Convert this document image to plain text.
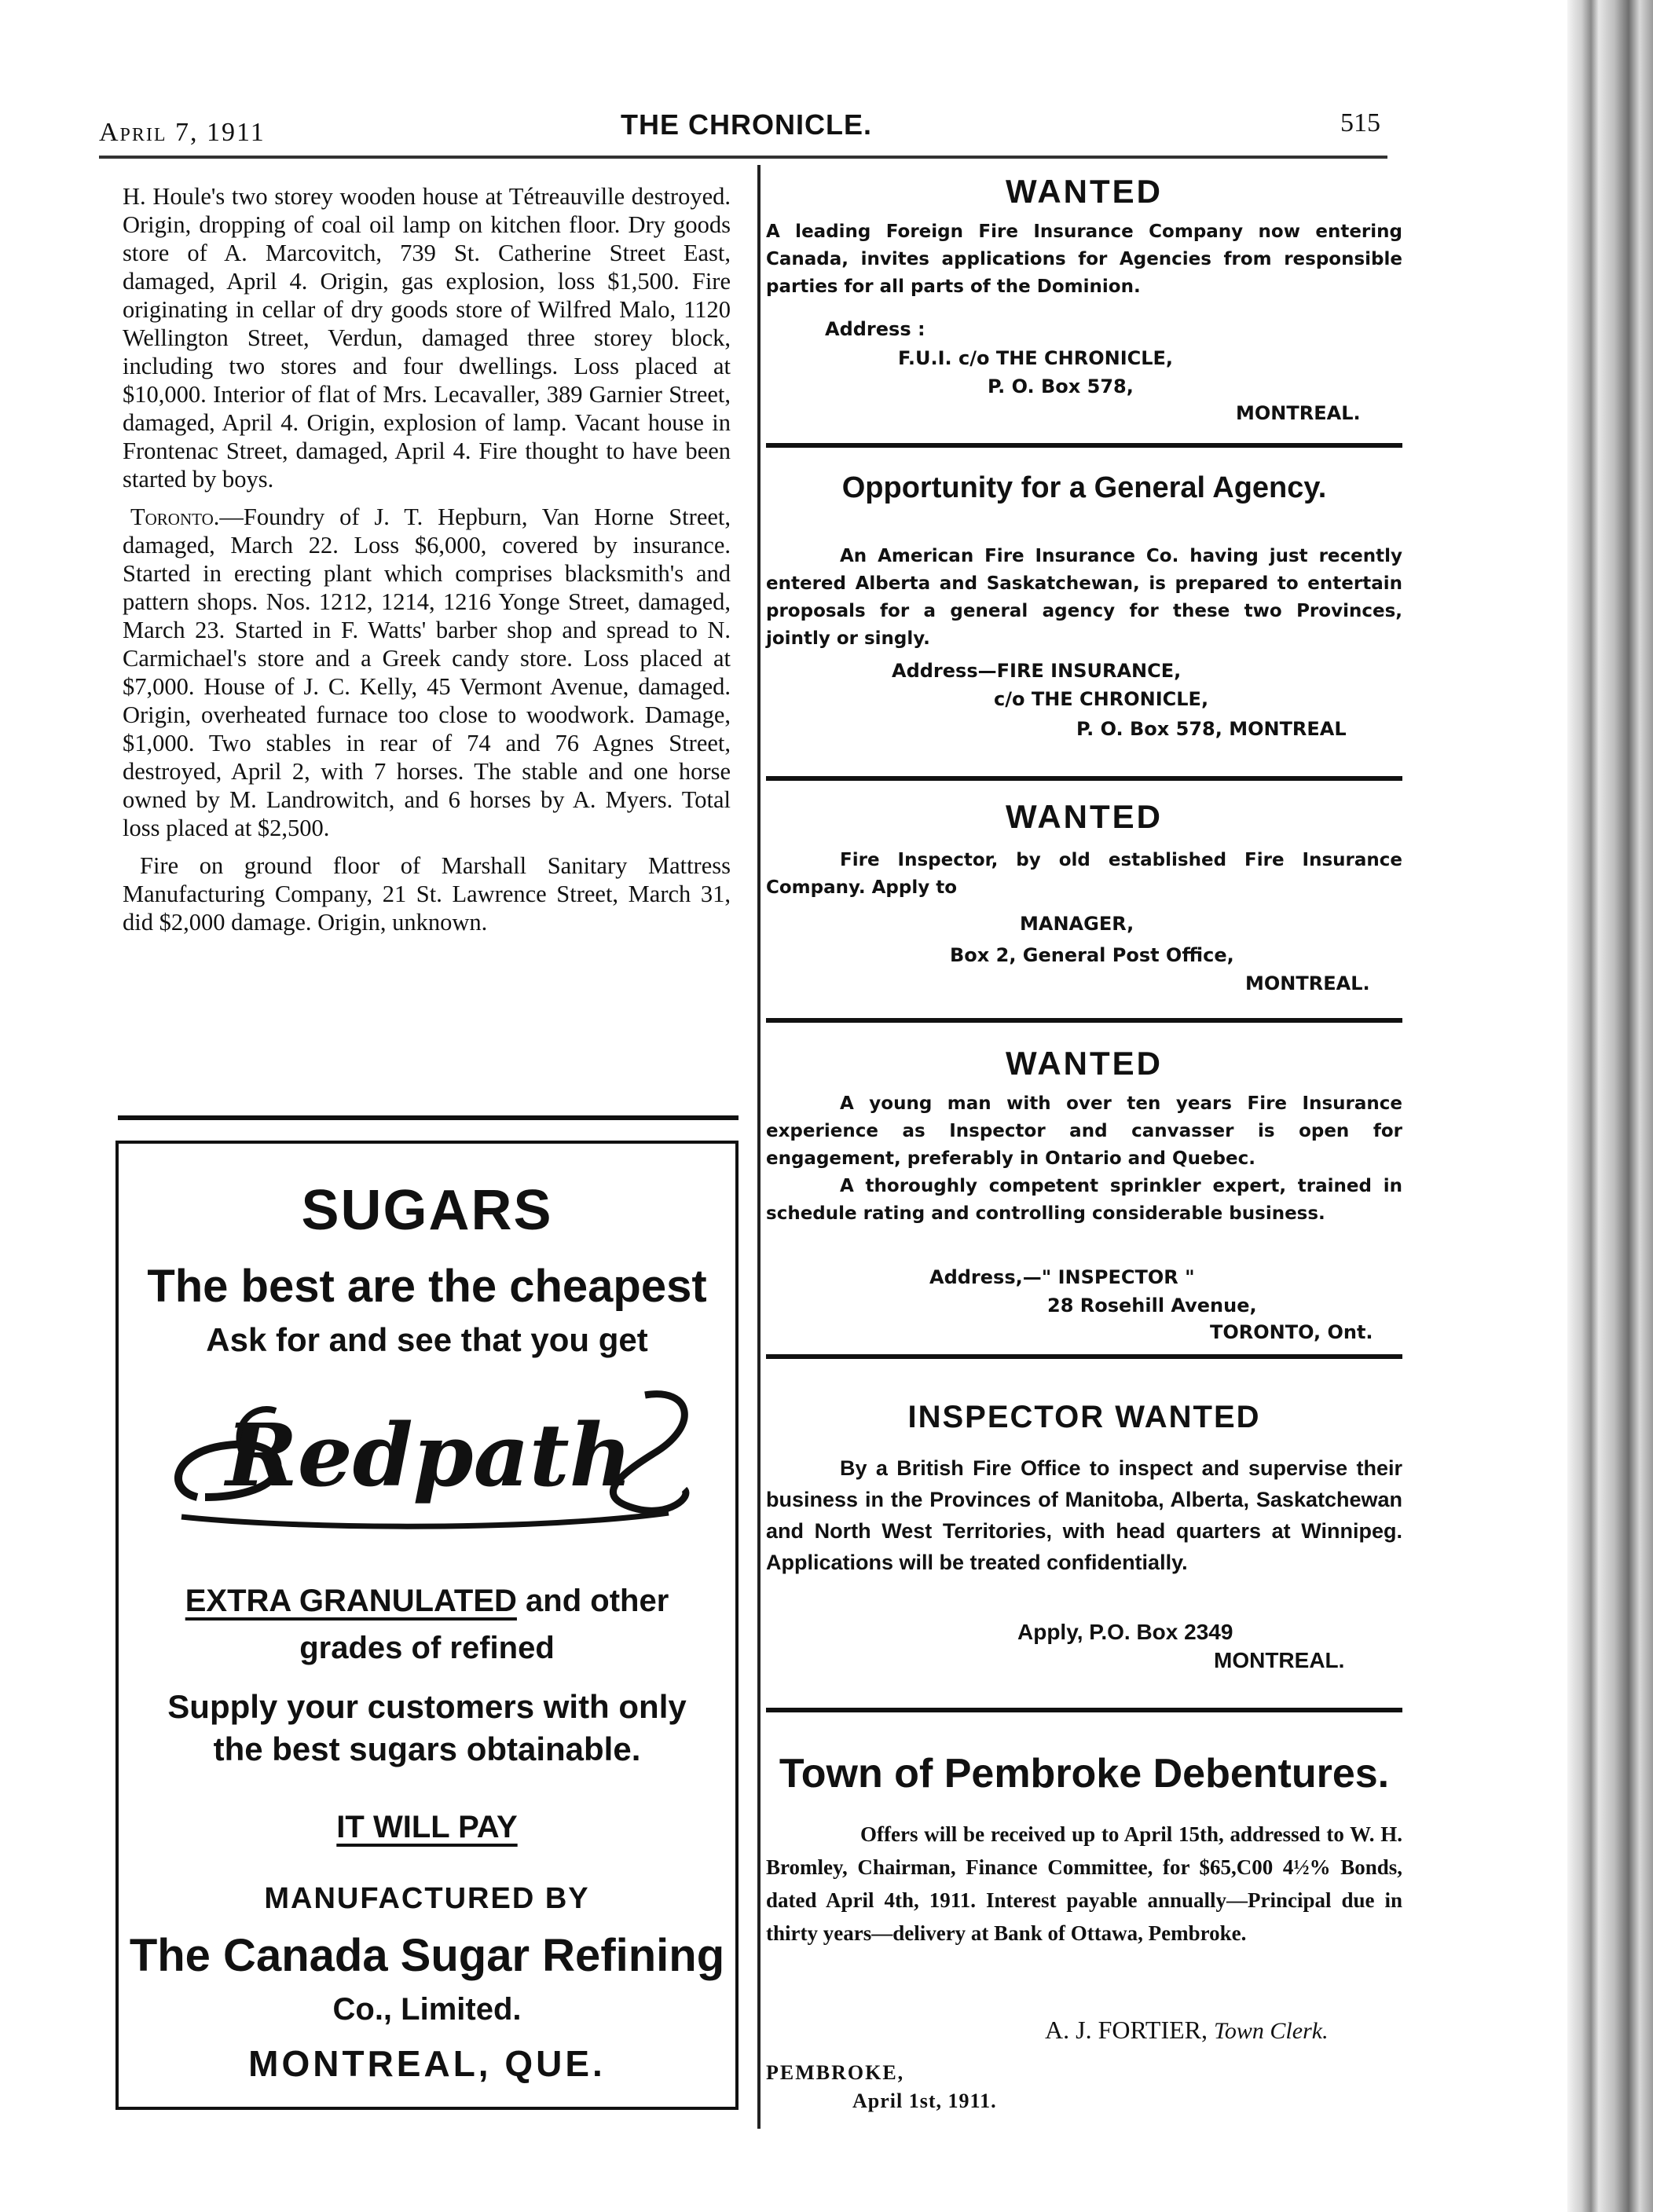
April 7, 1911	THE CHRONICLE.	515

H. Houle's two storey wooden house at Tétreauville destroyed. Origin, dropping of coal oil lamp on kitchen floor. Dry goods store of A. Marcovitch, 739 St. Catherine Street East, damaged, April 4. Origin, gas explosion, loss $1,500. Fire originating in cellar of dry goods store of Wilfred Malo, 1120 Wellington Street, Verdun, damaged three storey block, including two stores and four dwellings. Loss placed at $10,000. Interior of flat of Mrs. Lecavaller, 389 Garnier Street, damaged, April 4. Origin, explosion of lamp. Vacant house in Frontenac Street, damaged, April 4. Fire thought to have been started by boys.

Toronto.—Foundry of J. T. Hepburn, Van Horne Street, damaged, March 22. Loss $6,000, covered by insurance. Started in erecting plant which comprises blacksmith's and pattern shops. Nos. 1212, 1214, 1216 Yonge Street, damaged, March 23. Started in F. Watts' barber shop and spread to N. Carmichael's store and a Greek candy store. Loss placed at $7,000. House of J. C. Kelly, 45 Vermont Avenue, damaged. Origin, overheated furnace too close to woodwork. Damage, $1,000. Two stables in rear of 74 and 76 Agnes Street, destroyed, April 2, with 7 horses. The stable and one horse owned by M. Landrowitch, and 6 horses by A. Myers. Total loss placed at $2,500.

Fire on ground floor of Marshall Sanitary Mattress Manufacturing Company, 21 St. Lawrence Street, March 31, did $2,000 damage. Origin, unknown.

SUGARS
The best are the cheapest
Ask for and see that you get
Redpath
EXTRA GRANULATED and other
grades of refined
Supply your customers with only
the best sugars obtainable.
IT WILL PAY
MANUFACTURED BY
The Canada Sugar Refining
Co., Limited.
MONTREAL, QUE.
WANTED
A leading Foreign Fire Insurance Company now entering Canada, invites applications for Agencies from responsible parties for all parts of the Dominion.
Address :
F.U.I. c/o THE CHRONICLE,
P. O. Box 578,
MONTREAL.
Opportunity for a General Agency.
An American Fire Insurance Co. having just recently entered Alberta and Saskatchewan, is prepared to entertain proposals for a general agency for these two Provinces, jointly or singly.
Address—FIRE INSURANCE,
c/o THE CHRONICLE,
P. O. Box 578, MONTREAL
WANTED
Fire Inspector, by old established Fire Insurance Company. Apply to
MANAGER,
Box 2, General Post Office,
MONTREAL.
WANTED
A young man with over ten years Fire Insurance experience as Inspector and canvasser is open for engagement, preferably in Ontario and Quebec.
A thoroughly competent sprinkler expert, trained in schedule rating and controlling considerable business.
Address,—" INSPECTOR "
28 Rosehill Avenue,
TORONTO, Ont.
INSPECTOR WANTED
By a British Fire Office to inspect and supervise their business in the Provinces of Manitoba, Alberta, Saskatchewan and North West Territories, with head quarters at Winnipeg. Applications will be treated confidentially.
Apply, P.O. Box 2349
MONTREAL.
Town of Pembroke Debentures.
Offers will be received up to April 15th, addressed to W. H. Bromley, Chairman, Finance Committee, for $65,C00 4½% Bonds, dated April 4th, 1911. Interest payable annually—Principal due in thirty years—delivery at Bank of Ottawa, Pembroke.
A. J. FORTIER, Town Clerk.
PEMBROKE,
April 1st, 1911.
